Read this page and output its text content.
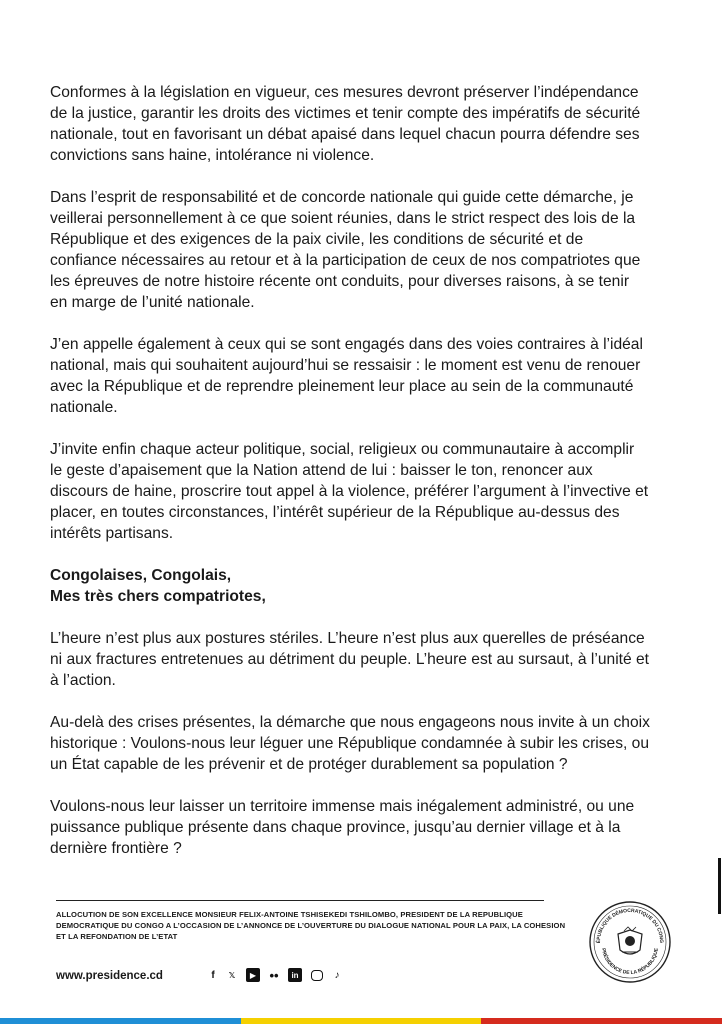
Conformes à la législation en vigueur, ces mesures devront préserver l’indépendance de la justice, garantir les droits des victimes et tenir compte des impératifs de sécurité nationale, tout en favorisant un débat apaisé dans lequel chacun pourra défendre ses convictions sans haine, intolérance ni violence.

Dans l’esprit de responsabilité et de concorde nationale qui guide cette démarche, je veillerai personnellement à ce que soient réunies, dans le strict respect des lois de la République et des exigences de la paix civile, les conditions de sécurité et de confiance nécessaires au retour et à la participation de ceux de nos compatriotes que les épreuves de notre histoire récente ont conduits, pour diverses raisons, à se tenir en marge de l’unité nationale.

J’en appelle également à ceux qui se sont engagés dans des voies contraires à l’idéal national, mais qui souhaitent aujourd’hui se ressaisir : le moment est venu de renouer avec la République et de reprendre pleinement leur place au sein de la communauté nationale.

J’invite enfin chaque acteur politique, social, religieux ou communautaire à accomplir le geste d’apaisement que la Nation attend de lui : baisser le ton, renoncer aux discours de haine, proscrire tout appel à la violence, préférer l’argument à l’invective et placer, en toutes circonstances, l’intérêt supérieur de la République au-dessus des intérêts partisans.

Congolaises, Congolais,
Mes très chers compatriotes,

L’heure n’est plus aux postures stériles. L’heure n’est plus aux querelles de préséance ni aux fractures entretenues au détriment du peuple. L’heure est au sursaut, à l’unité et à l’action.

Au-delà des crises présentes, la démarche que nous engageons nous invite à un choix historique : Voulons-nous leur léguer une République condamnée à subir les crises, ou un État capable de les prévenir et de protéger durablement sa population ?

Voulons-nous leur laisser un territoire immense mais inégalement administré, ou une puissance publique présente dans chaque province, jusqu’au dernier village et à la dernière frontière ?

ALLOCUTION DE SON EXCELLENCE MONSIEUR FELIX-ANTOINE TSHISEKEDI TSHILOMBO, PRESIDENT DE LA REPUBLIQUE DEMOCRATIQUE DU CONGO A L’OCCASION DE L’ANNONCE DE L’OUVERTURE DU DIALOGUE NATIONAL POUR LA PAIX, LA COHESION ET LA REFONDATION DE L’ETAT
www.presidence.cd	f	𝕏	▶	••	in	♪
ÉPUBLIQUE DÉMOCRATIQUE DU CONG
PRÉSIDENCE DE LA RÉPUBLIQUE
